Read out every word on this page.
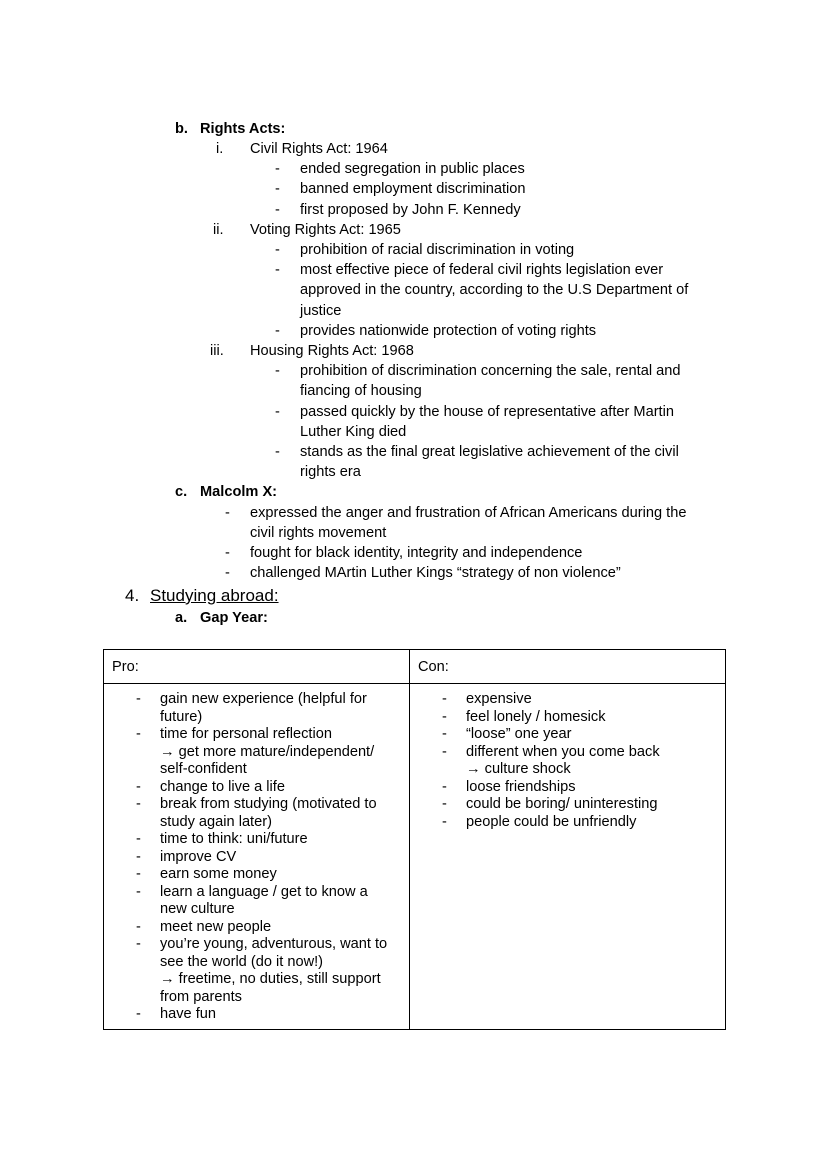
b. Rights Acts:
i. Civil Rights Act: 1964
- ended segregation in public places
- banned employment discrimination
- first proposed by John F. Kennedy
ii. Voting Rights Act: 1965
- prohibition of racial discrimination in voting
- most effective piece of federal civil rights legislation ever
approved in the country, according to the U.S Department of
justice
- provides nationwide protection of voting rights
iii. Housing Rights Act: 1968
- prohibition of discrimination concerning the sale, rental and
fiancing of housing
- passed quickly by the house of representative after Martin
Luther King died
- stands as the final great legislative achievement of the civil
rights era
c. Malcolm X:
- expressed the anger and frustration of African Americans during the
civil rights movement
- fought for black identity, integrity and independence
- challenged MArtin Luther Kings “strategy of non violence”
4. Studying abroad:
a. Gap Year:
Pro:	Con:
- gain new experience (helpful for
future)
- time for personal reflection
→ get more mature/independent/
self-confident
- change to live a life
- break from studying (motivated to
study again later)
- time to think: uni/future
- improve CV
- earn some money
- learn a language / get to know a
new culture
- meet new people
- you’re young, adventurous, want to
see the world (do it now!)
→ freetime, no duties, still support
from parents
- have fun
- expensive
- feel lonely / homesick
- “loose” one year
- different when you come back
→ culture shock
- loose friendships
- could be boring/ uninteresting
- people could be unfriendly
